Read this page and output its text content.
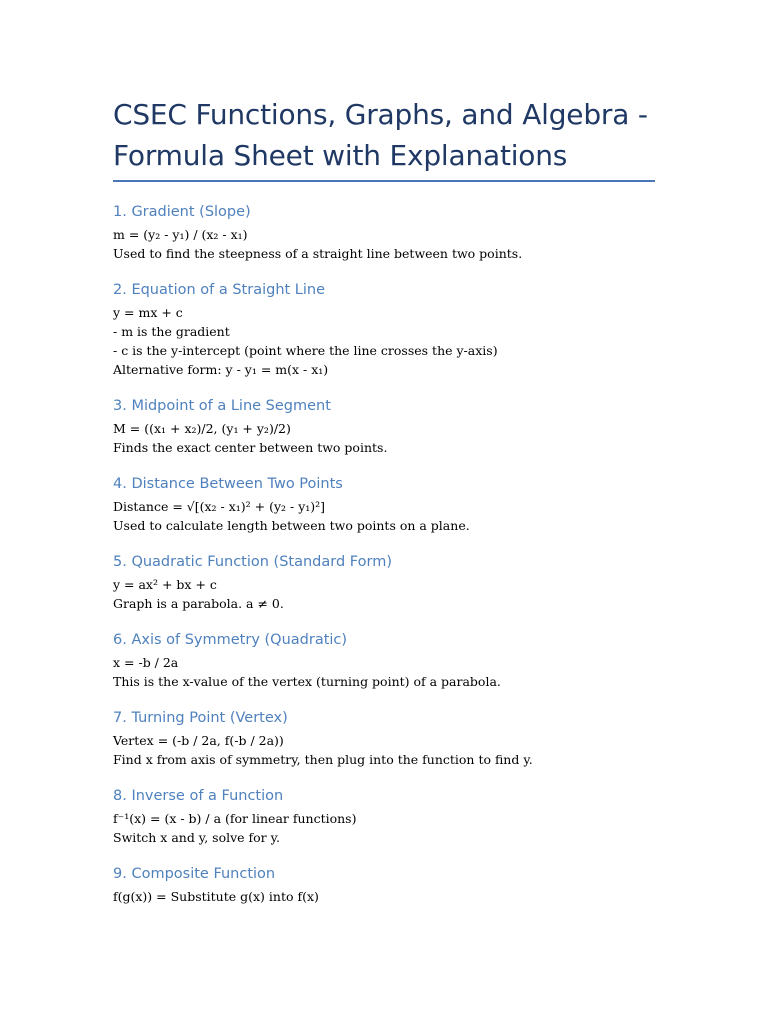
CSEC Functions, Graphs, and Algebra -
Formula Sheet with Explanations
1. Gradient (Slope)

m = (y₂ - y₁) / (x₂ - x₁)

Used to find the steepness of a straight line between two points.

2. Equation of a Straight Line

y = mx + c

- m is the gradient

- c is the y-intercept (point where the line crosses the y-axis)

Alternative form: y - y₁ = m(x - x₁)

3. Midpoint of a Line Segment

M = ((x₁ + x₂)/2, (y₁ + y₂)/2)

Finds the exact center between two points.

4. Distance Between Two Points

Distance = √[(x₂ - x₁)² + (y₂ - y₁)²]

Used to calculate length between two points on a plane.

5. Quadratic Function (Standard Form)

y = ax² + bx + c

Graph is a parabola. a ≠ 0.

6. Axis of Symmetry (Quadratic)

x = -b / 2a

This is the x-value of the vertex (turning point) of a parabola.

7. Turning Point (Vertex)

Vertex = (-b / 2a, f(-b / 2a))

Find x from axis of symmetry, then plug into the function to find y.

8. Inverse of a Function

f⁻¹(x) = (x - b) / a (for linear functions)

Switch x and y, solve for y.

9. Composite Function

f(g(x)) = Substitute g(x) into f(x)
